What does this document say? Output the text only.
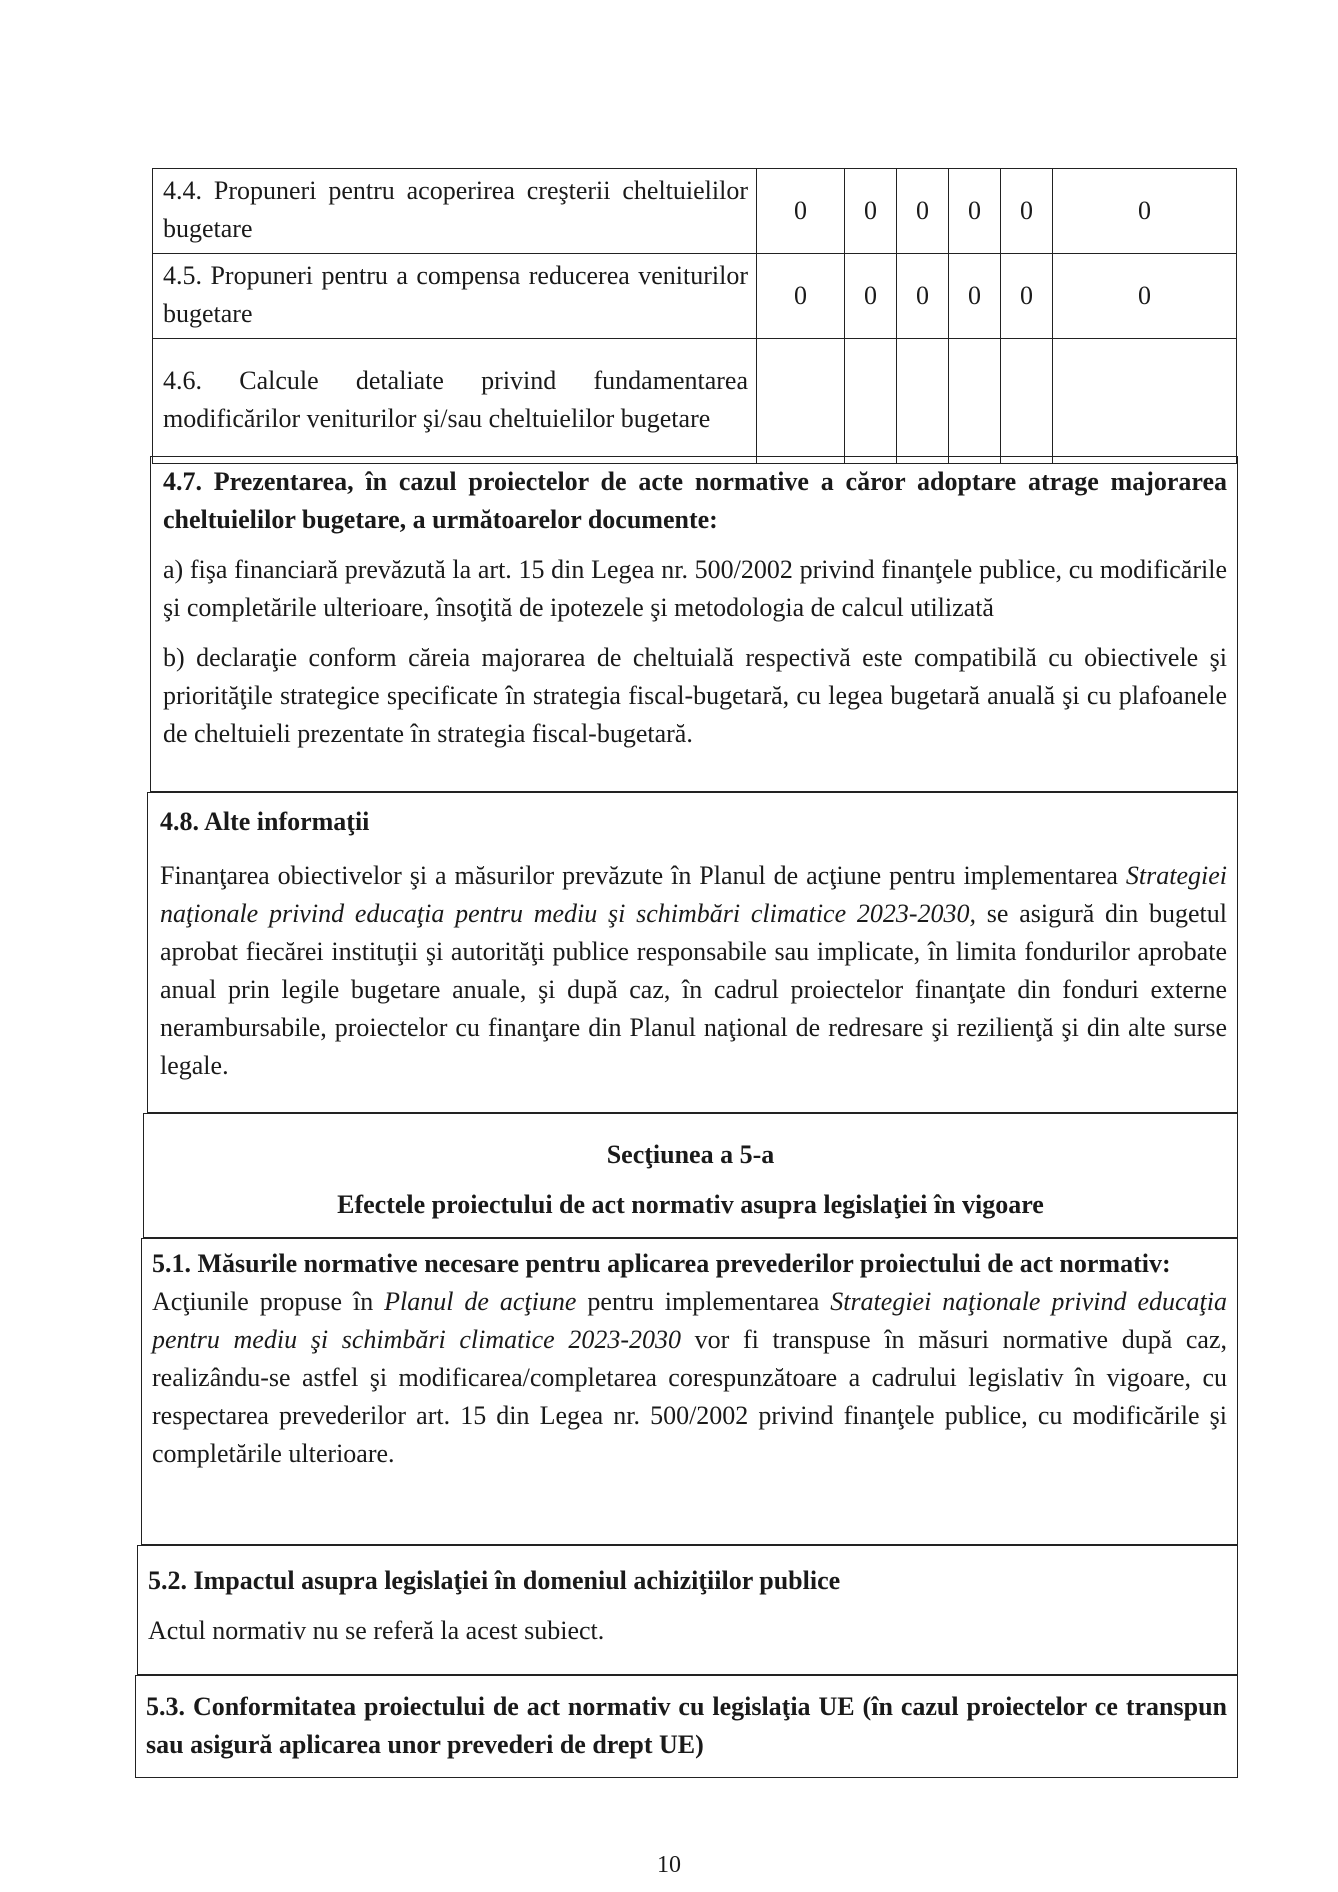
4.4. Propuneri pentru acoperirea creşterii cheltuielilor bugetare	0	0	0	0	0	0
4.5. Propuneri pentru a compensa reducerea veniturilor bugetare	0	0	0	0	0	0
4.6. Calcule detaliate privind fundamentarea modificărilor veniturilor şi/sau cheltuielilor bugetare						

4.7. Prezentarea, în cazul proiectelor de acte normative a căror adoptare atrage majorarea cheltuielilor bugetare, a următoarelor documente:

a) fişa financiară prevăzută la art. 15 din Legea nr. 500/2002 privind finanţele publice, cu modificările şi completările ulterioare, însoţită de ipotezele şi metodologia de calcul utilizată

b) declaraţie conform căreia majorarea de cheltuială respectivă este compatibilă cu obiectivele şi priorităţile strategice specificate în strategia fiscal-bugetară, cu legea bugetară anuală şi cu plafoanele de cheltuieli prezentate în strategia fiscal-bugetară.

4.8. Alte informaţii

Finanţarea obiectivelor şi a măsurilor prevăzute în Planul de acţiune pentru implementarea Strategiei naţionale privind educaţia pentru mediu şi schimbări climatice 2023-2030, se asigură din bugetul aprobat fiecărei instituţii şi autorităţi publice responsabile sau implicate, în limita fondurilor aprobate anual prin legile bugetare anuale, şi după caz, în cadrul proiectelor finanţate din fonduri externe nerambursabile, proiectelor cu finanţare din Planul naţional de redresare şi rezilienţă şi din alte surse legale.

Secţiunea a 5-a

Efectele proiectului de act normativ asupra legislaţiei în vigoare

5.1. Măsurile normative necesare pentru aplicarea prevederilor proiectului de act normativ:

Acţiunile propuse în Planul de acţiune pentru implementarea Strategiei naţionale privind educaţia pentru mediu şi schimbări climatice 2023-2030 vor fi transpuse în măsuri normative după caz, realizându-se astfel şi modificarea/completarea corespunzătoare a cadrului legislativ în vigoare, cu respectarea prevederilor art. 15 din Legea nr. 500/2002 privind finanţele publice, cu modificările şi completările ulterioare.

5.2. Impactul asupra legislaţiei în domeniul achiziţiilor publice

Actul normativ nu se referă la acest subiect.

5.3. Conformitatea proiectului de act normativ cu legislaţia UE (în cazul proiectelor ce transpun sau asigură aplicarea unor prevederi de drept UE)

10
